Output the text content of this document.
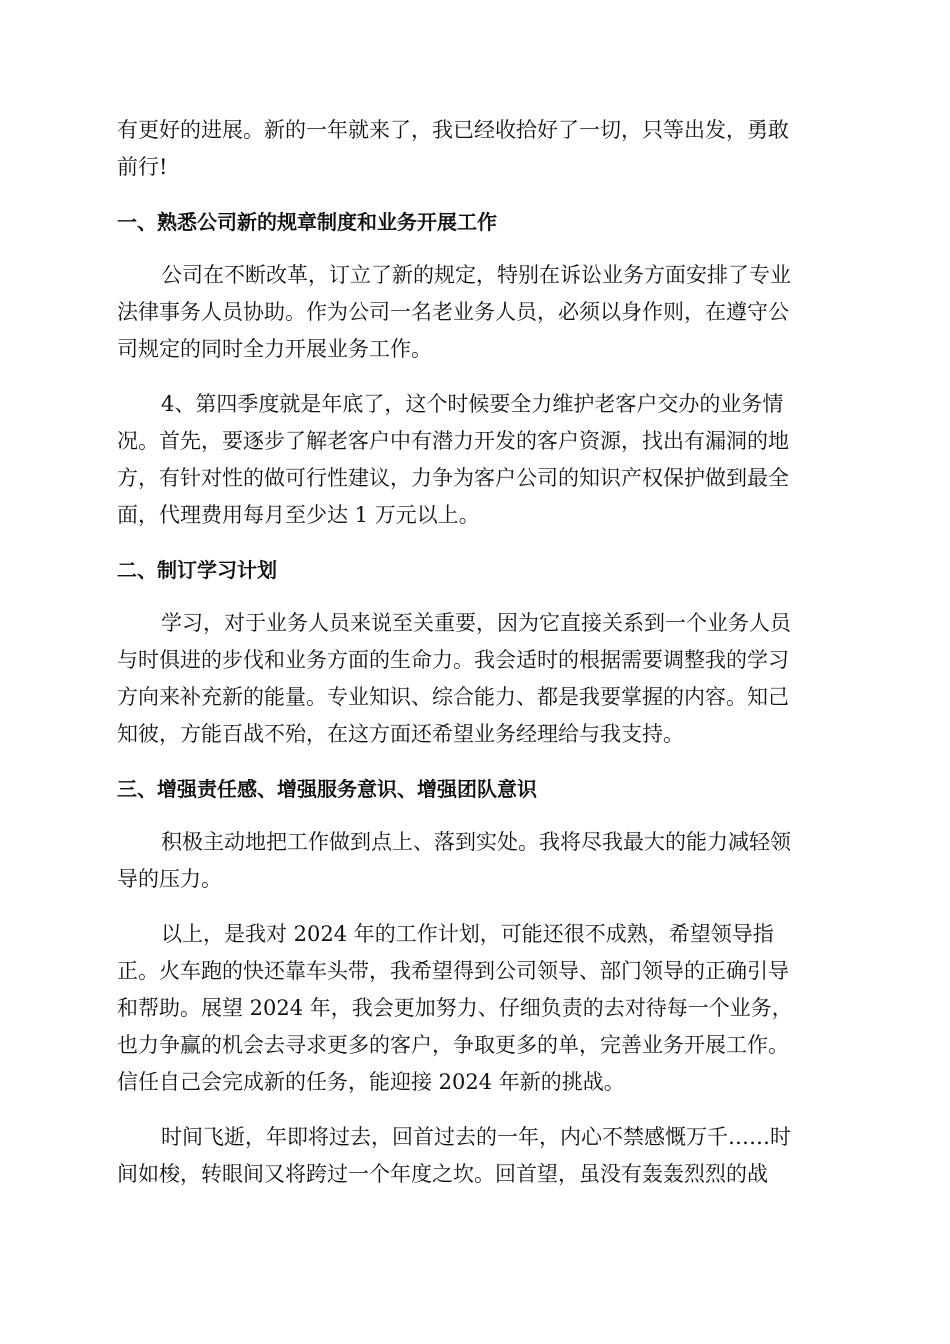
有更好的进展。新的一年就来了，我已经收拾好了一切，只等出发，勇敢
前行!

一、熟悉公司新的规章制度和业务开展工作

公司在不断改革，订立了新的规定，特别在诉讼业务方面安排了专业
法律事务人员协助。作为公司一名老业务人员，必须以身作则，在遵守公
司规定的同时全力开展业务工作。

4、第四季度就是年底了，这个时候要全力维护老客户交办的业务情
况。首先，要逐步了解老客户中有潜力开发的客户资源，找出有漏洞的地
方，有针对性的做可行性建议，力争为客户公司的知识产权保护做到最全
面，代理费用每月至少达 1 万元以上。

二、制订学习计划

学习，对于业务人员来说至关重要，因为它直接关系到一个业务人员
与时俱进的步伐和业务方面的生命力。我会适时的根据需要调整我的学习
方向来补充新的能量。专业知识、综合能力、都是我要掌握的内容。知己
知彼，方能百战不殆，在这方面还希望业务经理给与我支持。

三、增强责任感、增强服务意识、增强团队意识

积极主动地把工作做到点上、落到实处。我将尽我最大的能力减轻领
导的压力。

以上，是我对 2024 年的工作计划，可能还很不成熟，希望领导指
正。火车跑的快还靠车头带，我希望得到公司领导、部门领导的正确引导
和帮助。展望 2024 年，我会更加努力、仔细负责的去对待每一个业务，
也力争赢的机会去寻求更多的客户，争取更多的单，完善业务开展工作。
信任自己会完成新的任务，能迎接 2024 年新的挑战。

时间飞逝，年即将过去，回首过去的一年，内心不禁感慨万千……时
间如梭，转眼间又将跨过一个年度之坎。回首望，虽没有轰轰烈烈的战
